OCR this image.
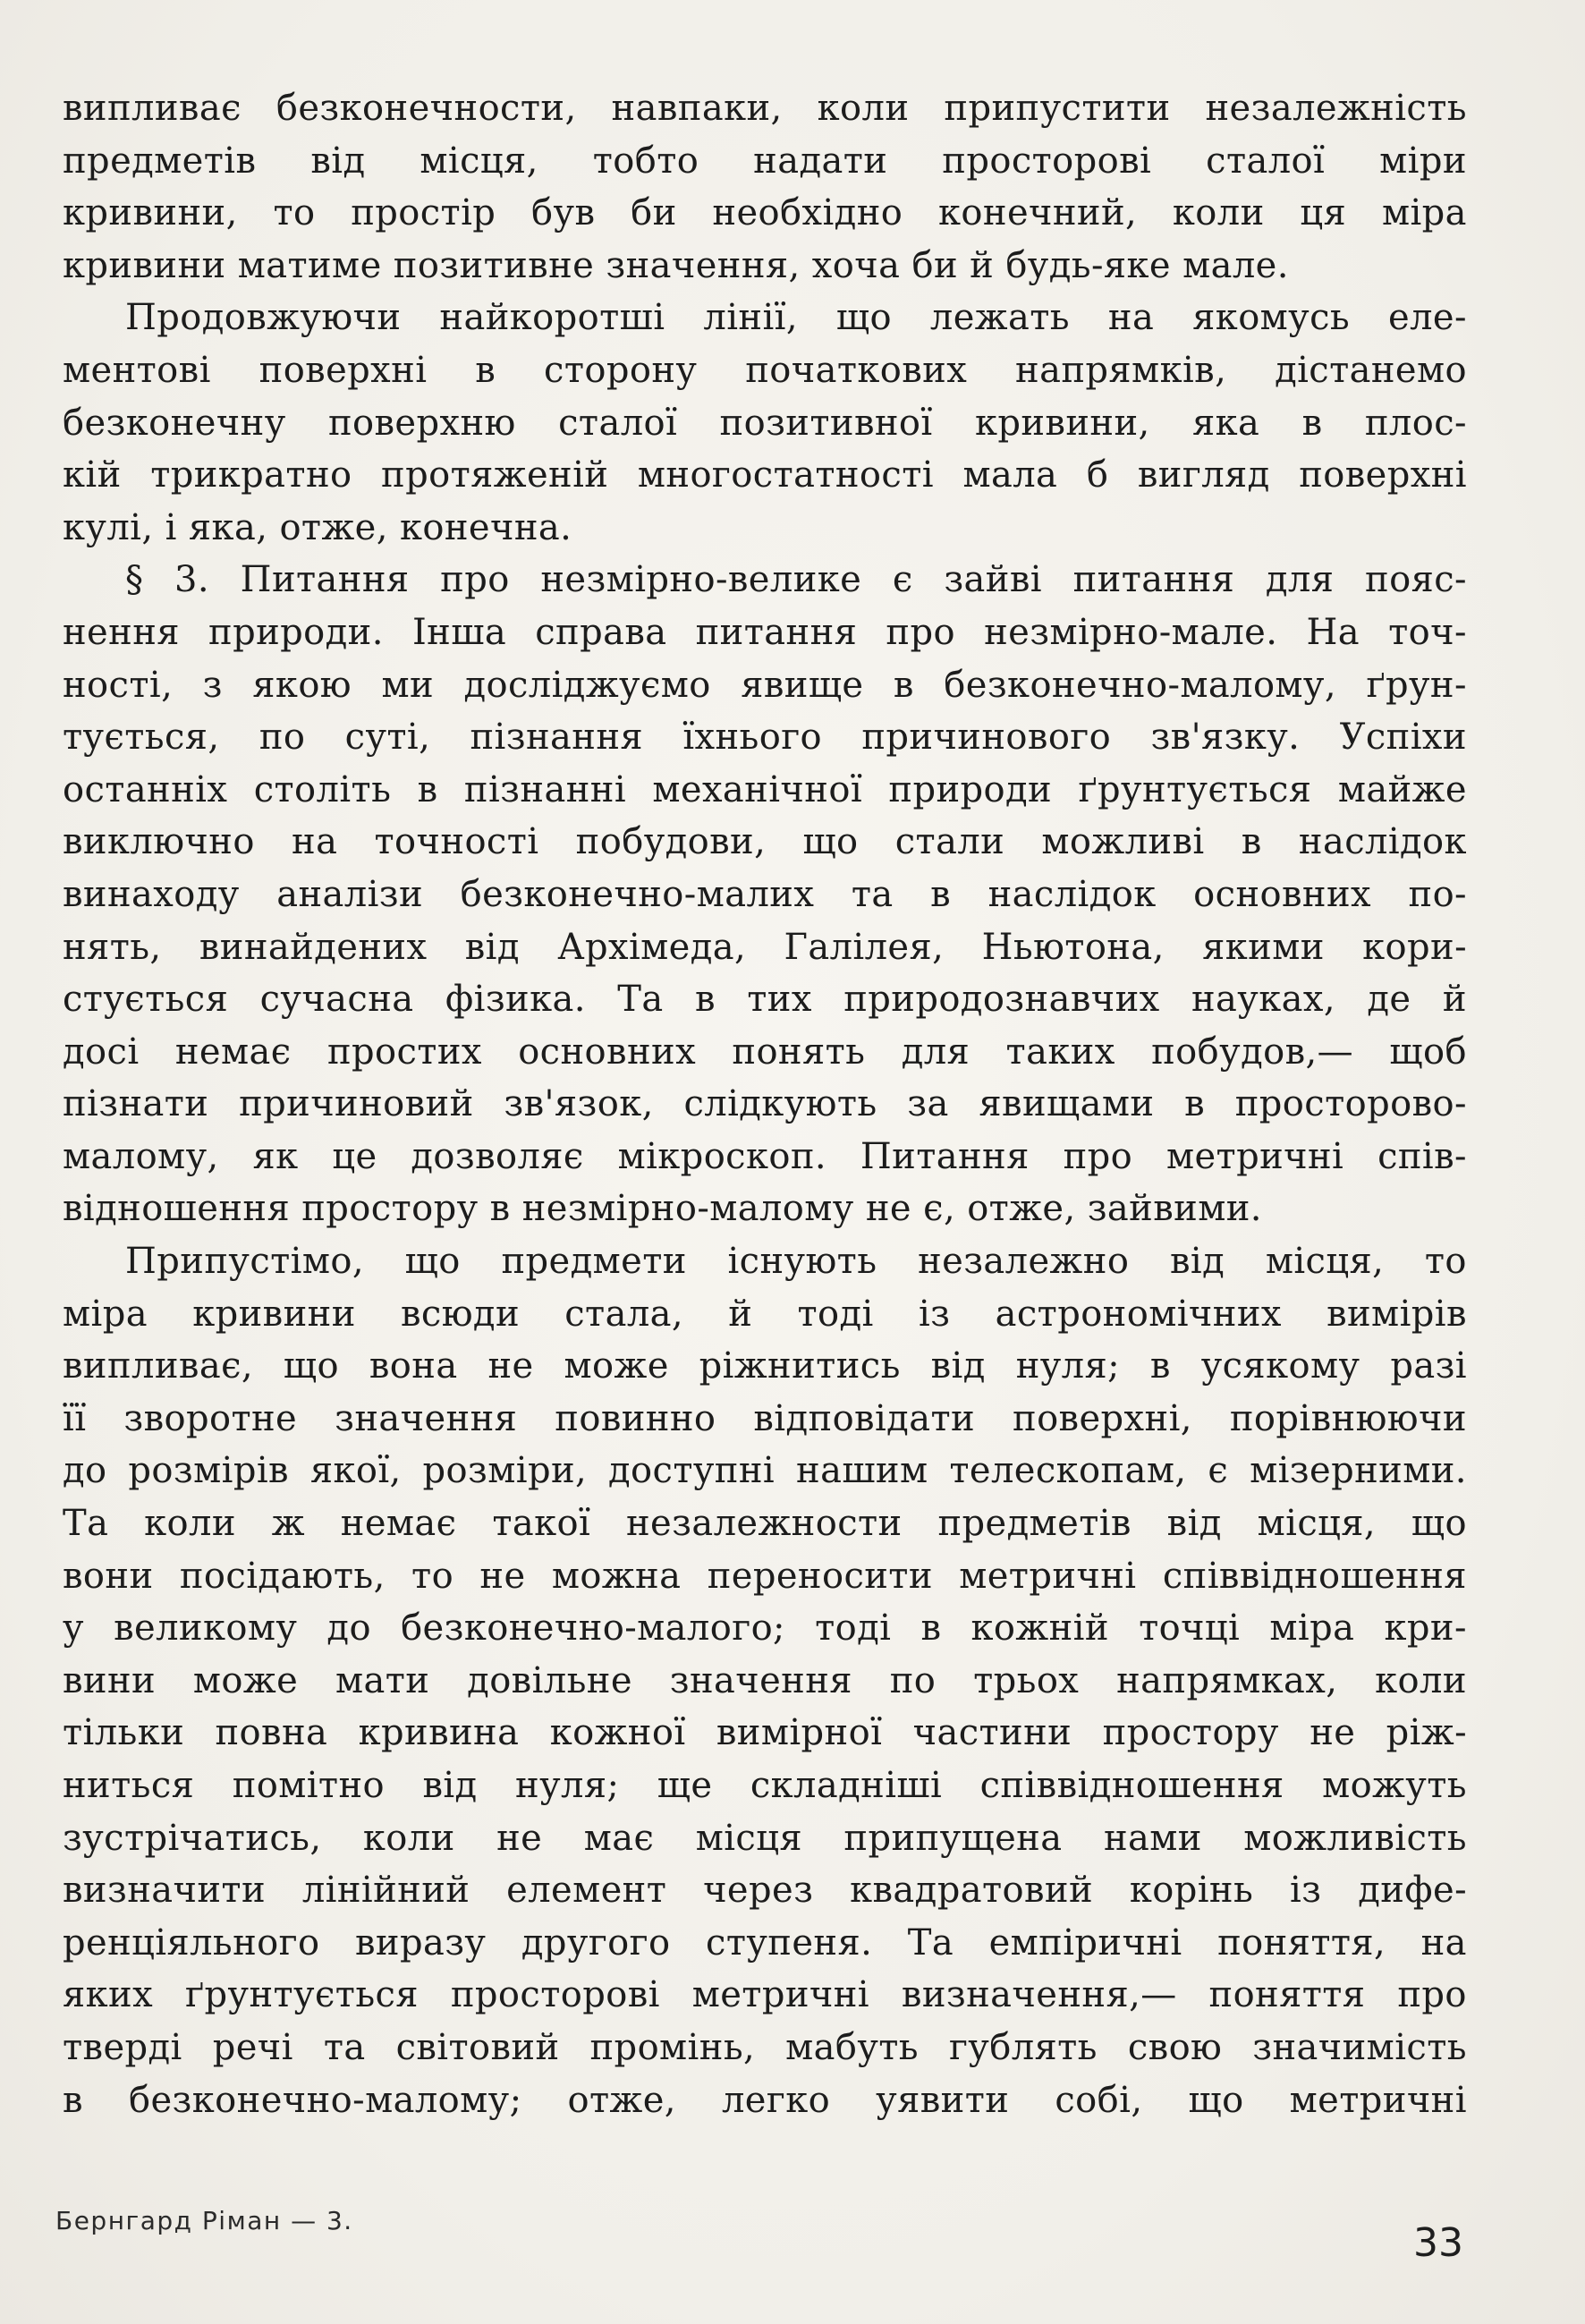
випливає безконечности, навпаки, коли припустити незалежність
предметів від місця, тобто надати просторові сталої міри
кривини, то простір був би необхідно конечний, коли ця міра
кривини
матиме
позитивне
значення,
хоча
би
й
будь-яке
мале.
Продовжуючи найкоротші лінії, що лежать на якомусь еле-
ментові поверхні в сторону початкових напрямків, дістанемо
безконечну поверхню сталої позитивної кривини, яка в плос-
кій трикратно протяженій многостатності мала б вигляд поверхні
кулі,
і
яка,
отже,
конечна.
§ 3. Питання про незмірно-велике є зайві питання для пояс-
нення природи. Інша справа питання про незмірно-мале. На точ-
ності, з якою ми досліджуємо явище в безконечно-малому, ґрун-
тується, по суті, пізнання їхнього причинового зв'язку. Успіхи
останніх століть в пізнанні механічної природи ґрунтується майже
виключно на точності побудови, що стали можливі в наслідок
винаходу аналізи безконечно-малих та в наслідок основних по-
нять, винайдених від Архімеда, Галілея, Ньютона, якими кори-
стується сучасна фізика. Та в тих природознавчих науках, де й
досі немає простих основних понять для таких побудов,— щоб
пізнати причиновий зв'язок, слідкують за явищами в просторово-
малому, як це дозволяє мікроскоп. Питання про метричні спів-
відношення
простору
в
незмірно-малому
не
є,
отже,
зайвими.
Припустімо, що предмети існують незалежно від місця, то
міра кривини всюди стала, й тоді із астрономічних вимірів
випливає, що вона не може ріжнитись від нуля; в усякому разі
її зворотне значення повинно відповідати поверхні, порівнюючи
до розмірів якої, розміри, доступні нашим телескопам, є мізерними.
Та коли ж немає такої незалежности предметів від місця, що
вони посідають, то не можна переносити метричні співвідношення
у великому до безконечно-малого; тоді в кожній точці міра кри-
вини може мати довільне значення по трьох напрямках, коли
тільки повна кривина кожної вимірної частини простору не ріж-
ниться помітно від нуля; ще складніші співвідношення можуть
зустрічатись, коли не має місця припущена нами можливість
визначити лінійний елемент через квадратовий корінь із дифе-
ренціяльного виразу другого ступеня. Та емпіричні поняття, на
яких ґрунтується просторові метричні визначення,— поняття про
тверді речі та світовий промінь, мабуть гублять свою значимість
в безконечно-малому; отже, легко уявити собі, що метричні
Бернгард Ріман — 3.	33
